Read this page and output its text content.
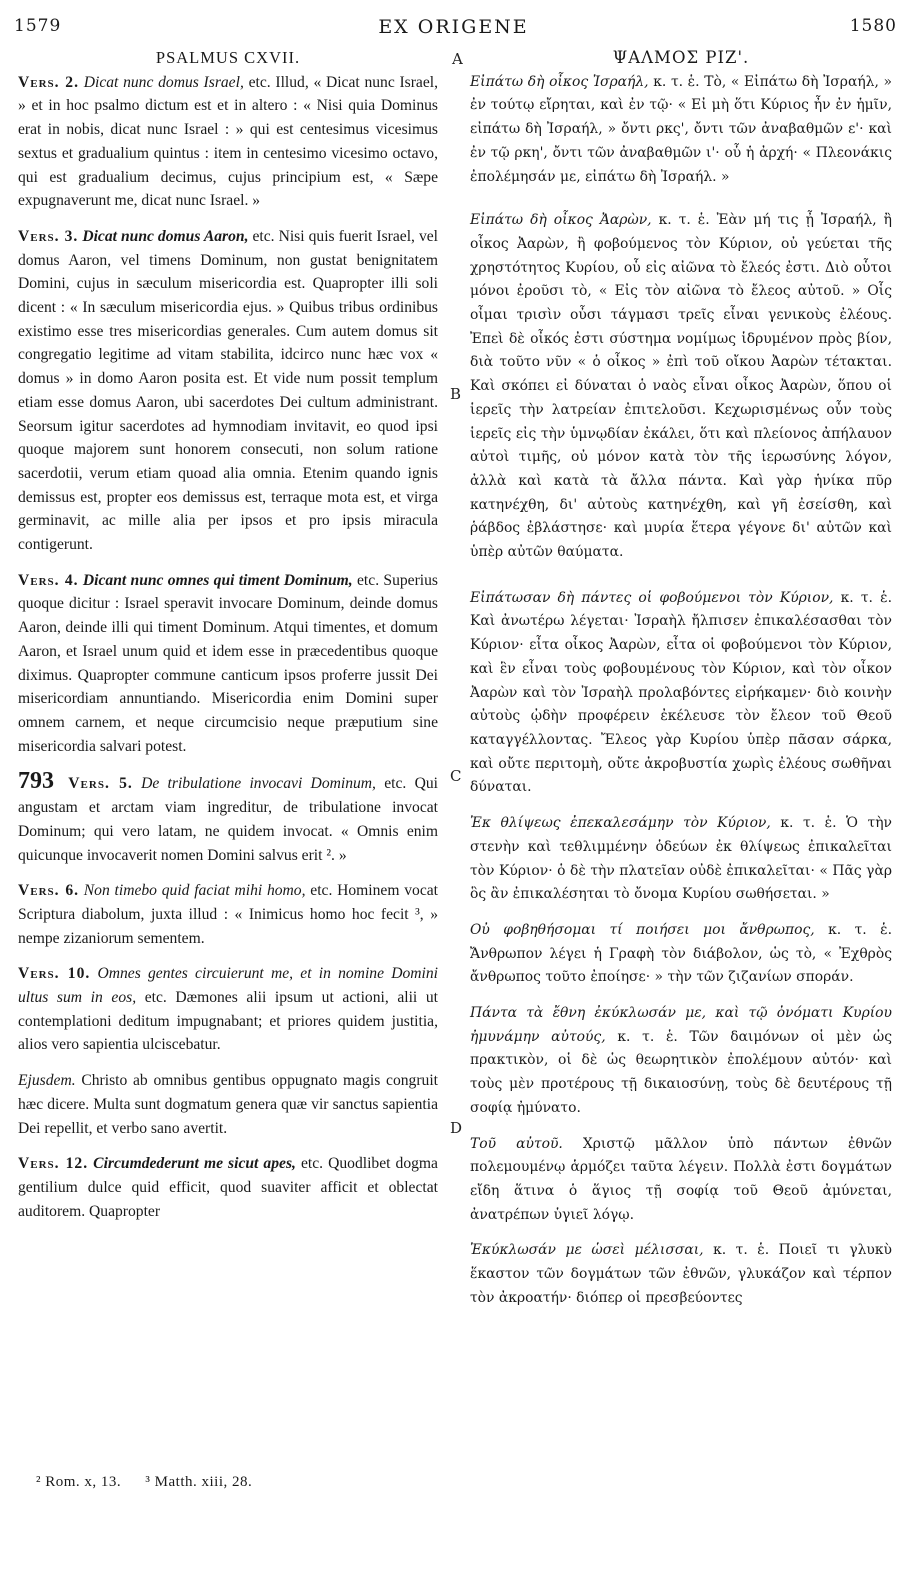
1579	EX ORIGENE	1580
PSALMUS CXVII.

Vers. 2. Dicat nunc domus Israel, etc. Illud, « Dicat nunc Israel, » et in hoc psalmo dictum est et in altero : « Nisi quia Dominus erat in nobis, dicat nunc Israel : » qui est centesimus vicesimus sextus et gradualium quintus : item in centesimo vicesimo octavo, qui est gradualium decimus, cujus principium est, « Sæpe expugnaverunt me, dicat nunc Israel. »

Vers. 3. Dicat nunc domus Aaron, etc. Nisi quis fuerit Israel, vel domus Aaron, vel timens Dominum, non gustat benignitatem Domini, cujus in sæculum misericordia est. Quapropter illi soli dicent : « In sæculum misericordia ejus. » Quibus tribus ordinibus existimo esse tres misericordias generales. Cum autem domus sit congregatio legitime ad vitam stabilita, idcirco nunc hæc vox « domus » in domo Aaron posita est. Et vide num possit templum etiam esse domus Aaron, ubi sacerdotes Dei cultum administrant. Seorsum igitur sacerdotes ad hymnodiam invitavit, eo quod ipsi quoque majorem sunt honorem consecuti, non solum ratione sacerdotii, verum etiam quoad alia omnia. Etenim quando ignis demissus est, propter eos demissus est, terraque mota est, et virga germinavit, ac mille alia per ipsos et pro ipsis miracula contigerunt.

Vers. 4. Dicant nunc omnes qui timent Dominum, etc. Superius quoque dicitur : Israel speravit invocare Dominum, deinde domus Aaron, deinde illi qui timent Dominum. Atqui timentes, et domum Aaron, et Israel unum quid et idem esse in præcedentibus quoque diximus. Quapropter commune canticum ipsos proferre jussit Dei misericordiam annuntiando. Misericordia enim Domini super omnem carnem, et neque circumcisio neque præputium sine misericordia salvari potest.

793 Vers. 5. De tribulatione invocavi Dominum, etc. Qui angustam et arctam viam ingreditur, de tribulatione invocat Dominum; qui vero latam, ne quidem invocat. « Omnis enim quicunque invocaverit nomen Domini salvus erit ². »

Vers. 6. Non timebo quid faciat mihi homo, etc. Hominem vocat Scriptura diabolum, juxta illud : « Inimicus homo hoc fecit ³, » nempe zizaniorum sementem.

Vers. 10. Omnes gentes circuierunt me, et in nomine Domini ultus sum in eos, etc. Dæmones alii ipsum ut actioni, alii ut contemplationi deditum impugnabant; et priores quidem justitia, alios vero sapientia ulciscebatur.

Ejusdem. Christo ab omnibus gentibus oppugnato magis congruit hæc dicere. Multa sunt dogmatum genera quæ vir sanctus sapientia Dei repellit, et verbo sano avertit.

Vers. 12. Circumdederunt me sicut apes, etc. Quodlibet dogma gentilium dulce quid efficit, quod suaviter afficit et oblectat auditorem. Quapropter

A
B
C
D
ΨΑΛΜΟΣ ΡΙΖ'.

Εἰπάτω δὴ οἶκος Ἰσραήλ, κ. τ. ἑ. Τὸ, « Εἰπάτω δὴ Ἰσραήλ, » ἐν τούτῳ εἴρηται, καὶ ἐν τῷ· « Εἰ μὴ ὅτι Κύριος ἦν ἐν ἡμῖν, εἰπάτω δὴ Ἰσραήλ, » ὄντι ρκς', ὄντι τῶν ἀναβαθμῶν ε'· καὶ ἐν τῷ ρκη', ὄντι τῶν ἀναβαθμῶν ι'· οὗ ἡ ἀρχή· « Πλεονάκις ἐπολέμησάν με, εἰπάτω δὴ Ἰσραήλ. »

Εἰπάτω δὴ οἶκος Ἀαρὼν, κ. τ. ἑ. Ἐὰν μή τις ᾖ Ἰσραήλ, ἢ οἶκος Ἀαρὼν, ἢ φοβούμενος τὸν Κύριον, οὐ γεύεται τῆς χρηστότητος Κυρίου, οὗ εἰς αἰῶνα τὸ ἔλεός ἐστι. Διὸ οὗτοι μόνοι ἐροῦσι τὸ, « Εἰς τὸν αἰῶνα τὸ ἔλεος αὐτοῦ. » Οἷς οἶμαι τρισὶν οὖσι τάγμασι τρεῖς εἶναι γενικοὺς ἐλέους. Ἐπεὶ δὲ οἶκός ἐστι σύστημα νομίμως ἱδρυμένον πρὸς βίον, διὰ τοῦτο νῦν « ὁ οἶκος » ἐπὶ τοῦ οἴκου Ἀαρὼν τέτακται. Καὶ σκόπει εἰ δύναται ὁ ναὸς εἶναι οἶκος Ἀαρὼν, ὅπου οἱ ἱερεῖς τὴν λατρείαν ἐπιτελοῦσι. Κεχωρισμένως οὖν τοὺς ἱερεῖς εἰς τὴν ὑμνῳδίαν ἐκάλει, ὅτι καὶ πλείονος ἀπήλαυον αὐτοὶ τιμῆς, οὐ μόνον κατὰ τὸν τῆς ἱερωσύνης λόγον, ἀλλὰ καὶ κατὰ τὰ ἄλλα πάντα. Καὶ γὰρ ἡνίκα πῦρ κατηνέχθη, δι' αὐτοὺς κατηνέχθη, καὶ γῆ ἐσείσθη, καὶ ῥάβδος ἐβλάστησε· καὶ μυρία ἕτερα γέγονε δι' αὐτῶν καὶ ὑπὲρ αὐτῶν θαύματα.

Εἰπάτωσαν δὴ πάντες οἱ φοβούμενοι τὸν Κύριον, κ. τ. ἑ. Καὶ ἀνωτέρω λέγεται· Ἰσραὴλ ἤλπισεν ἐπικαλέσασθαι τὸν Κύριον· εἶτα οἶκος Ἀαρὼν, εἶτα οἱ φοβούμενοι τὸν Κύριον, καὶ ἓν εἶναι τοὺς φοβουμένους τὸν Κύριον, καὶ τὸν οἶκον Ἀαρὼν καὶ τὸν Ἰσραὴλ προλαβόντες εἰρήκαμεν· διὸ κοινὴν αὐτοὺς ᾠδὴν προφέρειν ἐκέλευσε τὸν ἔλεον τοῦ Θεοῦ καταγγέλλοντας. Ἔλεος γὰρ Κυρίου ὑπὲρ πᾶσαν σάρκα, καὶ οὔτε περιτομὴ, οὔτε ἀκροβυστία χωρὶς ἐλέους σωθῆναι δύναται.

Ἐκ θλίψεως ἐπεκαλεσάμην τὸν Κύριον, κ. τ. ἑ. Ὁ τὴν στενὴν καὶ τεθλιμμένην ὁδεύων ἐκ θλίψεως ἐπικαλεῖται τὸν Κύριον· ὁ δὲ τὴν πλατεῖαν οὐδὲ ἐπικαλεῖται· « Πᾶς γὰρ ὃς ἂν ἐπικαλέσηται τὸ ὄνομα Κυρίου σωθήσεται. »

Οὐ φοβηθήσομαι τί ποιήσει μοι ἄνθρωπος, κ. τ. ἑ. Ἄνθρωπον λέγει ἡ Γραφὴ τὸν διάβολον, ὡς τὸ, « Ἐχθρὸς ἄνθρωπος τοῦτο ἐποίησε· » τὴν τῶν ζιζανίων σποράν.

Πάντα τὰ ἔθνη ἐκύκλωσάν με, καὶ τῷ ὀνόματι Κυρίου ἠμυνάμην αὐτούς, κ. τ. ἑ. Τῶν δαιμόνων οἱ μὲν ὡς πρακτικὸν, οἱ δὲ ὡς θεωρητικὸν ἐπολέμουν αὐτόν· καὶ τοὺς μὲν προτέρους τῇ δικαιοσύνῃ, τοὺς δὲ δευτέρους τῇ σοφίᾳ ἠμύνατο.

Τοῦ αὐτοῦ. Χριστῷ μᾶλλον ὑπὸ πάντων ἐθνῶν πολεμουμένῳ ἁρμόζει ταῦτα λέγειν. Πολλὰ ἐστι δογμάτων εἴδη ἅτινα ὁ ἅγιος τῇ σοφίᾳ τοῦ Θεοῦ ἀμύνεται, ἀνατρέπων ὑγιεῖ λόγῳ.

Ἐκύκλωσάν με ὡσεὶ μέλισσαι, κ. τ. ἑ. Ποιεῖ τι γλυκὺ ἕκαστον τῶν δογμάτων τῶν ἐθνῶν, γλυκάζον καὶ τέρπον τὸν ἀκροατήν· διόπερ οἱ πρεσβεύοντες

² Rom. x, 13. ³ Matth. xiii, 28.
